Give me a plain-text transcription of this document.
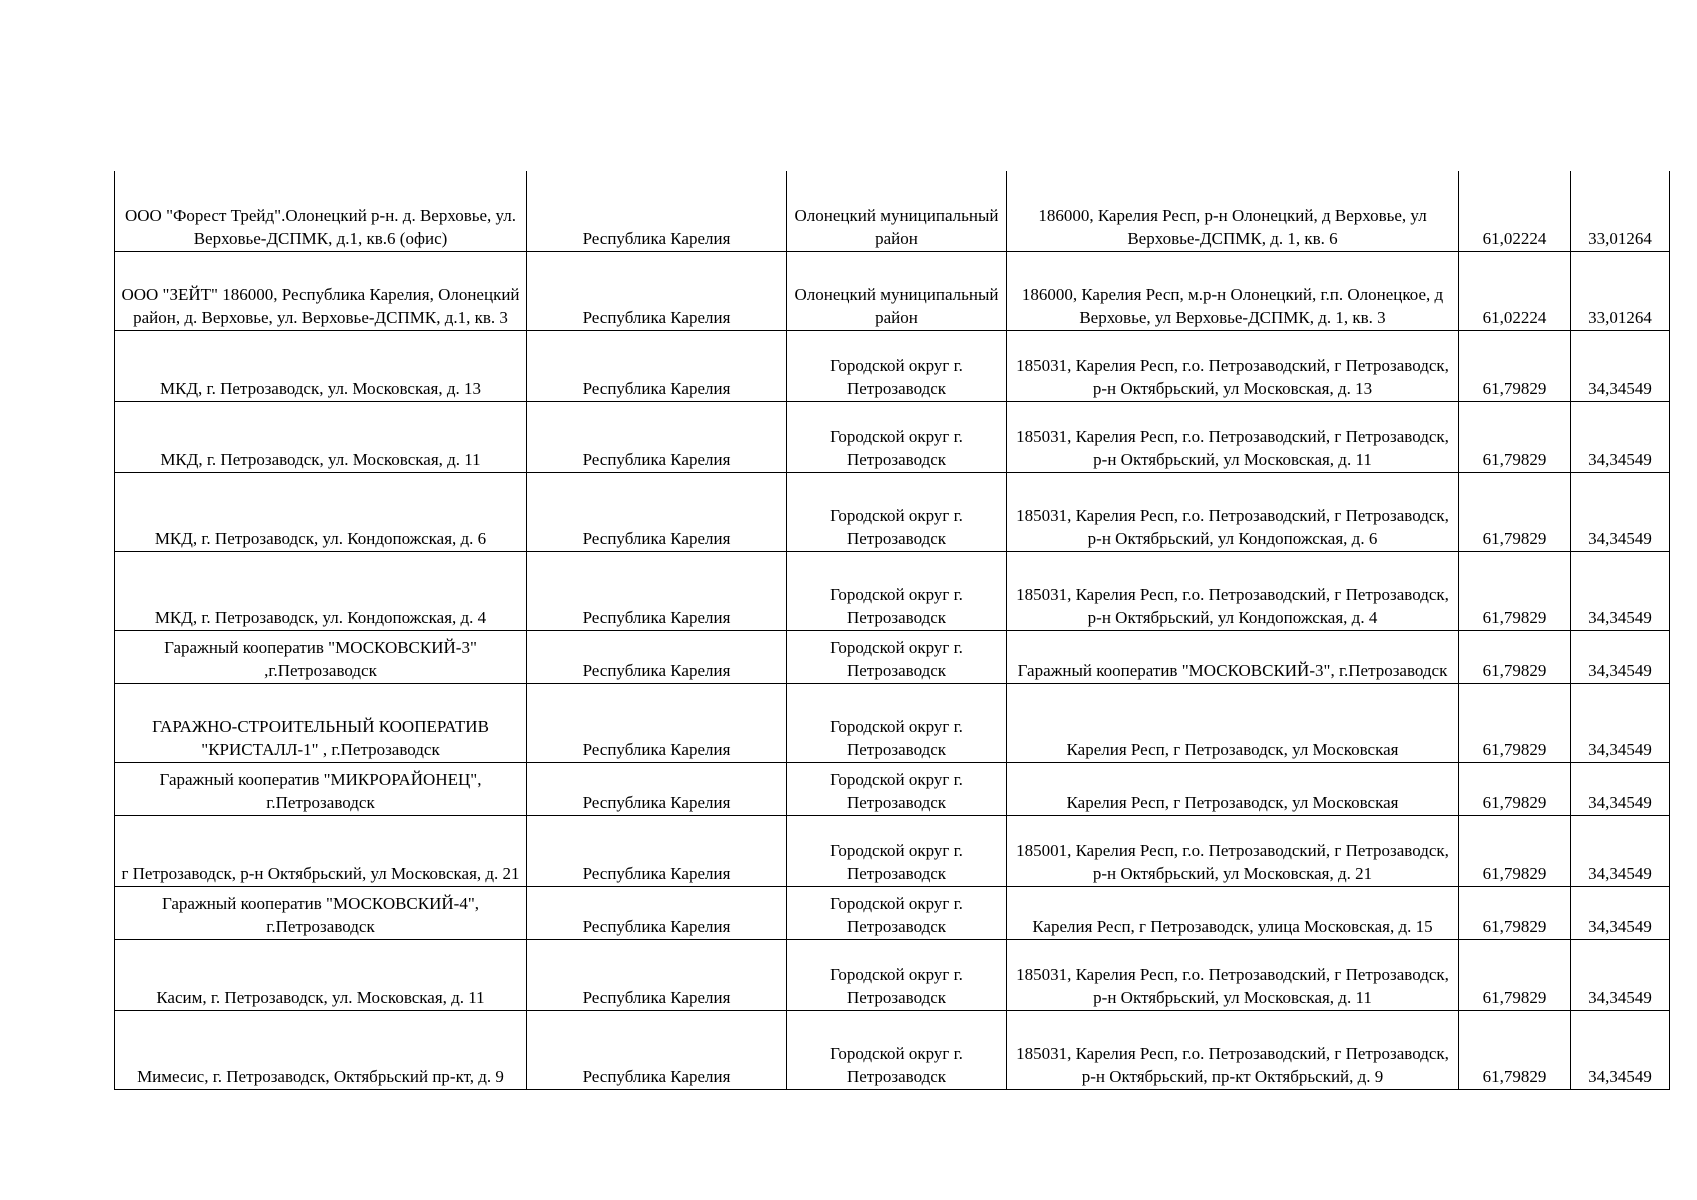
ООО "Форест Трейд".Олонецкий р-н. д. Верховье, ул. Верховье-ДСПМК, д.1, кв.6 (офис)	Республика Карелия	Олонецкий муниципальный район	186000, Карелия Респ, р-н Олонецкий, д Верховье, ул Верховье-ДСПМК, д. 1, кв. 6	61,02224	33,01264
ООО "ЗЕЙТ" 186000, Республика Карелия, Олонецкий район, д. Верховье, ул. Верховье-ДСПМК, д.1, кв. 3	Республика Карелия	Олонецкий муниципальный район	186000, Карелия Респ, м.р-н Олонецкий, г.п. Олонецкое, д Верховье, ул Верховье-ДСПМК, д. 1, кв. 3	61,02224	33,01264
МКД, г. Петрозаводск, ул. Московская, д. 13	Республика Карелия	Городской округ г. Петрозаводск	185031, Карелия Респ, г.о. Петрозаводский, г Петрозаводск, р-н Октябрьский, ул Московская, д. 13	61,79829	34,34549
МКД, г. Петрозаводск, ул. Московская, д. 11	Республика Карелия	Городской округ г. Петрозаводск	185031, Карелия Респ, г.о. Петрозаводский, г Петрозаводск, р-н Октябрьский, ул Московская, д. 11	61,79829	34,34549
МКД, г. Петрозаводск, ул. Кондопожская, д. 6	Республика Карелия	Городской округ г. Петрозаводск	185031, Карелия Респ, г.о. Петрозаводский, г Петрозаводск, р-н Октябрьский, ул Кондопожская, д. 6	61,79829	34,34549
МКД, г. Петрозаводск, ул. Кондопожская, д. 4	Республика Карелия	Городской округ г. Петрозаводск	185031, Карелия Респ, г.о. Петрозаводский, г Петрозаводск, р-н Октябрьский, ул Кондопожская, д. 4	61,79829	34,34549
Гаражный кооператив "МОСКОВСКИЙ-3" ,г.Петрозаводск	Республика Карелия	Городской округ г. Петрозаводск	Гаражный кооператив "МОСКОВСКИЙ-3", г.Петрозаводск	61,79829	34,34549
ГАРАЖНО-СТРОИТЕЛЬНЫЙ КООПЕРАТИВ "КРИСТАЛЛ-1" , г.Петрозаводск	Республика Карелия	Городской округ г. Петрозаводск	Карелия Респ, г Петрозаводск, ул Московская	61,79829	34,34549
Гаражный кооператив "МИКРОРАЙОНЕЦ", г.Петрозаводск	Республика Карелия	Городской округ г. Петрозаводск	Карелия Респ, г Петрозаводск, ул Московская	61,79829	34,34549
г Петрозаводск, р-н Октябрьский, ул Московская, д. 21	Республика Карелия	Городской округ г. Петрозаводск	185001, Карелия Респ, г.о. Петрозаводский, г Петрозаводск, р-н Октябрьский, ул Московская, д. 21	61,79829	34,34549
Гаражный кооператив "МОСКОВСКИЙ-4", г.Петрозаводск	Республика Карелия	Городской округ г. Петрозаводск	Карелия Респ, г Петрозаводск, улица Московская, д. 15	61,79829	34,34549
Касим, г. Петрозаводск, ул. Московская, д. 11	Республика Карелия	Городской округ г. Петрозаводск	185031, Карелия Респ, г.о. Петрозаводский, г Петрозаводск, р-н Октябрьский, ул Московская, д. 11	61,79829	34,34549
Мимесис, г. Петрозаводск, Октябрьский пр-кт, д. 9	Республика Карелия	Городской округ г. Петрозаводск	185031, Карелия Респ, г.о. Петрозаводский, г Петрозаводск, р-н Октябрьский, пр-кт Октябрьский, д. 9	61,79829	34,34549
